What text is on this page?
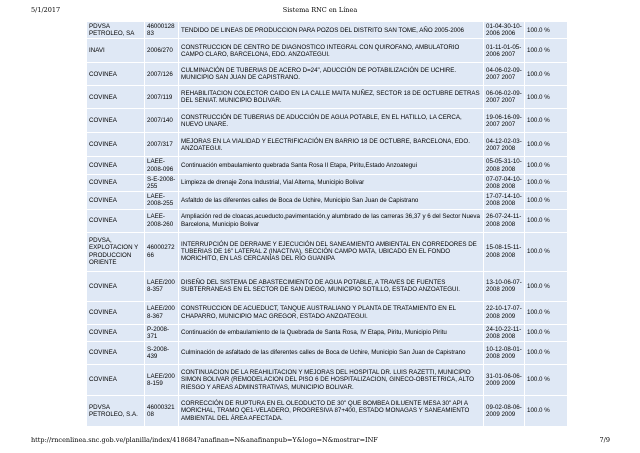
5/1/2017	Sistema RNC en Línea
PDVSA PETROLEO, SA	4600012883	TENDIDO DE LINEAS DE PRODUCCION PARA POZOS DEL DISTRITO SAN TOME, AÑO 2005-2006	01-04-30-10-2006 2006	100.0 %
INAVI	2006/270	CONSTRUCCION DE CENTRO DE DIAGNOSTICO INTEGRAL CON QUIROFANO, AMBULATORIO CAMPO CLARO, BARCELONA, EDO. ANZOATEGUI.	01-11-01-05-2006 2007	100.0 %
COVINEA	2007/126	CULMINACIÓN DE TUBERIAS DE ACERO D=24", ADUCCIÓN DE POTABILIZACIÓN DE UCHIRE. MUNICIPIO SAN JUAN DE CAPISTRANO.	04-06-02-09-2007 2007	100.0 %
COVINEA	2007/119	REHABILITACION COLECTOR CAIDO EN LA CALLE MAITA NUÑEZ, SECTOR 18 DE OCTUBRE DETRAS DEL SENIAT. MUNICIPIO BOLIVAR.	06-06-02-09-2007 2007	100.0 %
COVINEA	2007/140	CONSTRUCCIÓN DE TUBERIAS DE ADUCCIÓN DE AGUA POTABLE, EN EL HATILLO, LA CERCA, NUEVO UNARE.	19-06-16-09-2007 2007	100.0 %
COVINEA	2007/317	MEJORAS EN LA VIALIDAD Y ELECTRIFICACIÓN EN BARRIO 18 DE OCTUBRE, BARCELONA, EDO. ANZOATEGUI.	04-12-02-03-2007 2008	100.0 %
COVINEA	LAEE-2008-096	Continuación embaulamiento quebrada Santa Rosa II Etapa, Piritu,Estado Anzoategui	05-05-31-10-2008 2008	100.0 %
COVINEA	S-E-2008-255	Limpieza de drenaje Zona Industrial, Vial Alterna, Municipio Bolivar	07-07-04-10-2008 2008	100.0 %
COVINEA	LAEE-2008-255	Asfaltdo de las diferentes calles de Boca de Uchire, Municipio San Juan de Capistrano	17-07-14-10-2008 2008	100.0 %
COVINEA	LAEE-2008-260	Ampliación red de cloacas,acueducto,pavimentación,y alumbrado de las carreras 36,37 y 6 del Sector Nueva Barcelona, Municipio Bolivar	26-07-24-11-2008 2008	100.0 %
PDVSA, EXPLOTACION Y PRODUCCION ORIENTE	4600027266	INTERRUPCIÓN DE DERRAME Y EJECUCIÓN DEL SANEAMIENTO AMBIENTAL EN CORREDORES DE TUBERIAS DE 16" LATERAL Z (INACTIVA), SECCIÓN CAMPO MATA, UBICADO EN EL FONDO MORICHITO, EN LAS CERCANÍAS DEL RÍO GUANIPA	15-08-15-11-2008 2008	100.0 %
COVINEA	LAEE/2008-357	DISEÑO DEL SISTEMA DE ABASTECIMIENTO DE AGUA POTABLE, A TRAVES DE FUENTES SUBTERRANEAS EN EL SECTOR DE SAN DIEGO, MUNICIPIO SOTILLO, ESTADO ANZOATEGUI.	13-10-06-07-2008 2009	100.0 %
COVINEA	LAEE/2008-367	CONSTRUCCION DE ACUEDUCT, TANQUE AUSTRALIANO Y PLANTA DE TRATAMIENTO EN EL CHAPARRO, MUNICIPIO MAC GREGOR, ESTADO ANZOATEGUI.	22-10-17-07-2008 2009	100.0 %
COVINEA	P-2008-371	Continuación de embaulamiento de la Quebrada de Santa Rosa, IV Etapa, Piritu, Municipio Piritu	24-10-22-11-2008 2008	100.0 %
COVINEA	S-2008-439	Culminación de asfaltado de las diferentes calles de Boca de Uchire, Municipio San Juan de Capistrano	10-12-08-01-2008 2009	100.0 %
COVINEA	LAEE/2008-159	CONTINUACION DE LA REAHILITACION Y MEJORAS DEL HOSPITAL DR. LUIS RAZETTI, MUNICIPIO SIMON BOLIVAR (REMODELACION DEL PISO 6 DE HOSPITALIZACION, GINECO-OBSTETRICA, ALTO RIESGO Y AREAS ADMINSTRATIVAS, MUNICIPIO BOLIVAR.	31-01-06-06-2009 2009	100.0 %
PDVSA PETROLEO, S.A.	4600032108	CORRECCIÓN DE RUPTURA EN EL OLEODUCTO DE 30" QUE BOMBEA DILUENTE MESA 30" API A MORICHAL, TRAMO QE1-VELADERO, PROGRESIVA 87+400, ESTADO MONAGAS Y SANEAMIENTO AMBIENTAL DEL ÁREA AFECTADA.	09-02-08-06-2009 2009	100.0 %
http://rncenlinea.snc.gob.ve/planilla/index/418684?anafinan=N&anafinanpub=Y&logo=N&mostrar=INF	7/9
